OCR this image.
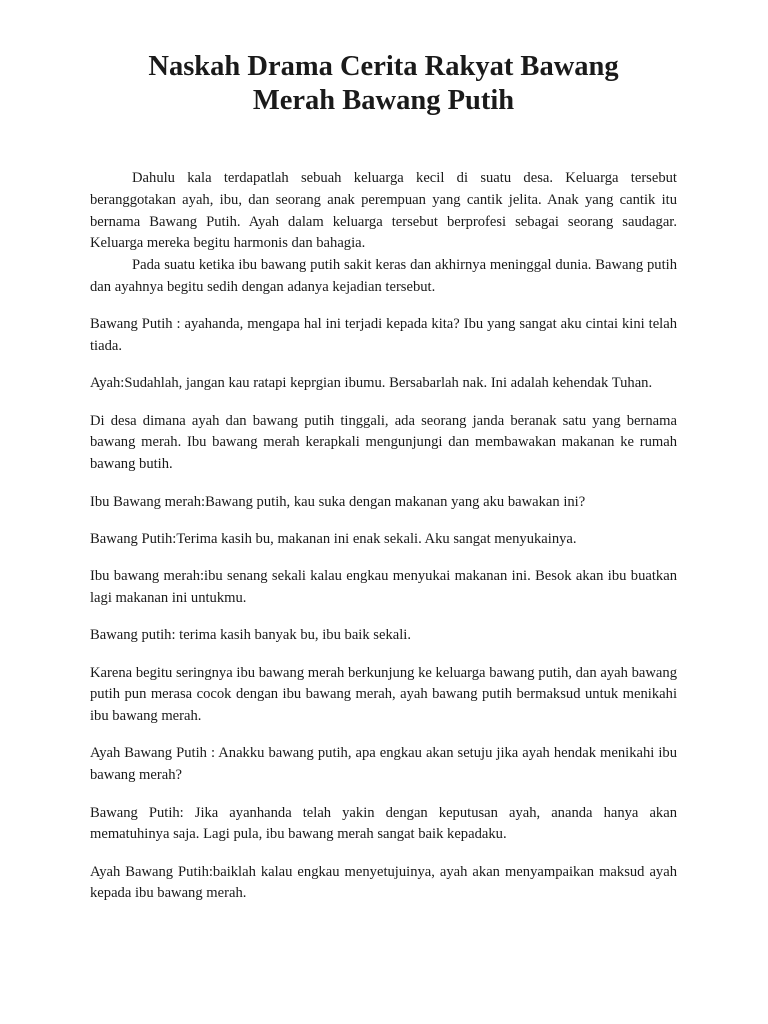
Naskah Drama Cerita Rakyat Bawang
Merah Bawang Putih

Dahulu kala terdapatlah sebuah keluarga kecil di suatu desa. Keluarga tersebut beranggotakan ayah, ibu, dan seorang anak perempuan yang cantik jelita. Anak yang cantik itu bernama Bawang Putih. Ayah dalam keluarga tersebut berprofesi sebagai seorang saudagar. Keluarga mereka begitu harmonis dan bahagia.

Pada suatu ketika ibu bawang putih sakit keras dan akhirnya meninggal dunia. Bawang putih dan ayahnya begitu sedih dengan adanya kejadian tersebut.

Bawang Putih : ayahanda, mengapa hal ini terjadi kepada kita? Ibu yang sangat aku cintai kini telah tiada.

Ayah:Sudahlah, jangan kau ratapi keprgian ibumu. Bersabarlah nak. Ini adalah kehendak Tuhan.

Di desa dimana ayah dan bawang putih tinggali, ada seorang janda beranak satu yang bernama bawang merah. Ibu bawang merah kerapkali mengunjungi dan membawakan makanan ke rumah bawang butih.

Ibu Bawang merah:Bawang putih, kau suka dengan makanan yang aku bawakan ini?

Bawang Putih:Terima kasih bu, makanan ini enak sekali. Aku sangat menyukainya.

Ibu bawang merah:ibu senang sekali kalau engkau menyukai makanan ini. Besok akan ibu buatkan lagi makanan ini untukmu.

Bawang putih: terima kasih banyak bu, ibu baik sekali.

Karena begitu seringnya ibu bawang merah berkunjung ke keluarga bawang putih, dan ayah bawang putih pun merasa cocok dengan ibu bawang merah, ayah bawang putih bermaksud untuk menikahi ibu bawang merah.

Ayah Bawang Putih : Anakku bawang putih, apa engkau akan setuju jika ayah hendak menikahi ibu bawang merah?

Bawang Putih: Jika ayanhanda telah yakin dengan keputusan ayah, ananda hanya akan mematuhinya saja. Lagi pula, ibu bawang merah sangat baik kepadaku.

Ayah Bawang Putih:baiklah kalau engkau menyetujuinya, ayah akan menyampaikan maksud ayah kepada ibu bawang merah.
